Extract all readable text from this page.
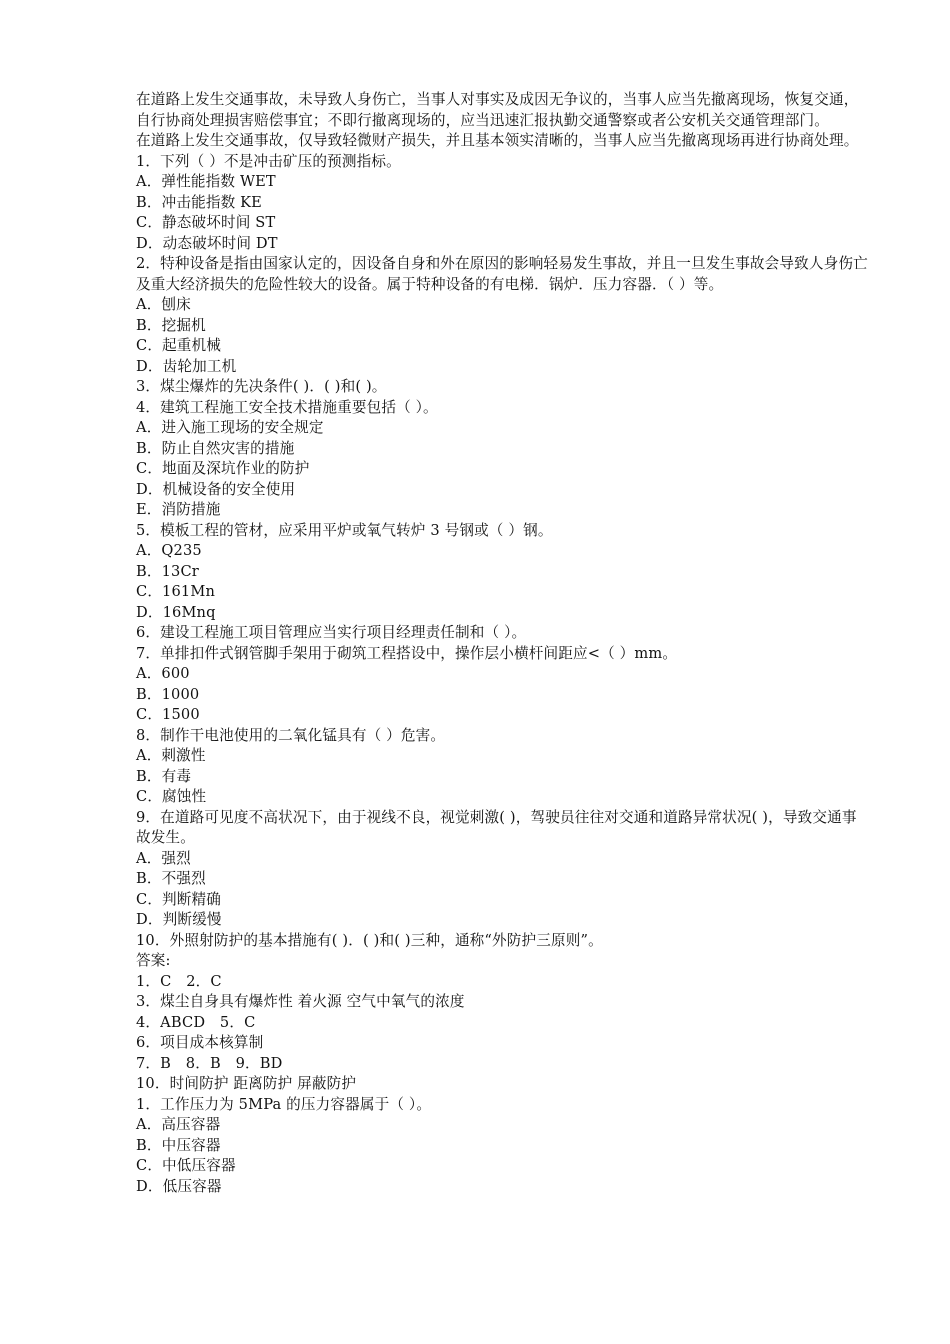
在道路上发生交通事故，未导致人身伤亡，当事人对事实及成因无争议的，当事人应当先撤离现场，恢复交通，自行协商处理损害赔偿事宜；不即行撤离现场的，应当迅速汇报执勤交通警察或者公安机关交通管理部门。

在道路上发生交通事故，仅导致轻微财产损失，并且基本领实清晰的，当事人应当先撤离现场再进行协商处理。

1．下列（ ）不是冲击矿压的预测指标。

A．弹性能指数 WET

B．冲击能指数 KE

C．静态破坏时间 ST

D．动态破坏时间 DT

2．特种设备是指由国家认定的，因设备自身和外在原因的影响轻易发生事故，并且一旦发生事故会导致人身伤亡及重大经济损失的危险性较大的设备。属于特种设备的有电梯．锅炉．压力容器．（ ）等。

A．刨床

B．挖掘机

C．起重机械

D．齿轮加工机

3．煤尘爆炸的先决条件( )．( )和( )。

4．建筑工程施工安全技术措施重要包括（ ）。

A．进入施工现场的安全规定

B．防止自然灾害的措施

C．地面及深坑作业的防护

D．机械设备的安全使用

E．消防措施

5．模板工程的管材，应采用平炉或氧气转炉 3 号钢或（ ）钢。

A．Q235

B．13Cr

C．161Mn

D．16Mnq

6．建设工程施工项目管理应当实行项目经理责任制和（ ）。

7．单排扣件式钢管脚手架用于砌筑工程搭设中，操作层小横杆间距应<（ ）mm。

A．600

B．1000

C．1500

8．制作干电池使用的二氧化锰具有（ ）危害。

A．刺激性

B．有毒

C．腐蚀性

9．在道路可见度不高状况下，由于视线不良，视觉刺激( )，驾驶员往往对交通和道路异常状况( )，导致交通事故发生。

A．强烈

B．不强烈

C．判断精确

D．判断缓慢

10．外照射防护的基本措施有( )．( )和( )三种，通称“外防护三原则”。

答案:

1．C　2．C

3．煤尘自身具有爆炸性 着火源 空气中氧气的浓度

4．ABCD　5．C

6．项目成本核算制

7．B　8．B　9．BD

10．时间防护 距离防护 屏蔽防护

1．工作压力为 5MPa 的压力容器属于（ ）。

A．高压容器

B．中压容器

C．中低压容器

D．低压容器
